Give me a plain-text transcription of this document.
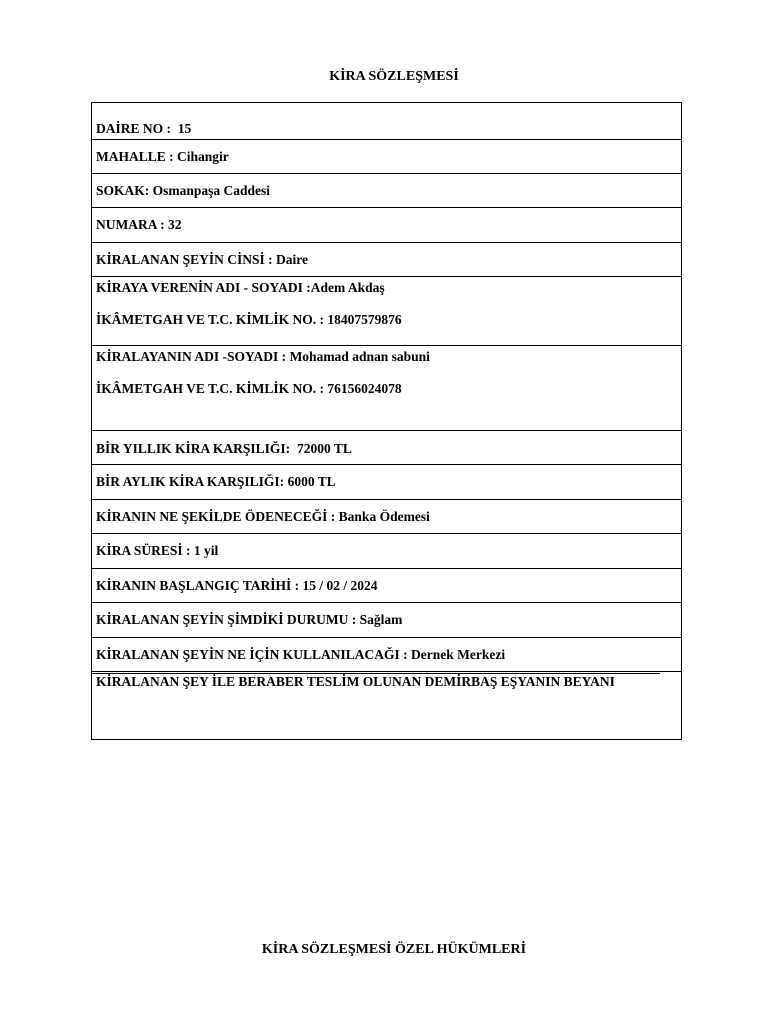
KİRA SÖZLEŞMESİ
DAİRE NO : 15
MAHALLE : Cihangir
SOKAK: Osmanpaşa Caddesi
NUMARA : 32
KİRALANAN ŞEYİN CİNSİ : Daire
KİRAYA VERENİN ADI - SOYADI :Adem Akdaş
İKÂMETGAH VE T.C. KİMLİK NO. : 18407579876
KİRALAYANIN ADI -SOYADI : Mohamad adnan sabuni
İKÂMETGAH VE T.C. KİMLİK NO. : 76156024078
BİR YILLIK KİRA KARŞILIĞI: 72000 TL
BİR AYLIK KİRA KARŞILIĞI: 6000 TL
KİRANIN NE ŞEKİLDE ÖDENECEĞİ : Banka Ödemesi
KİRA SÜRESİ : 1 yil
KİRANIN BAŞLANGIÇ TARİHİ : 15 / 02 / 2024
KİRALANAN ŞEYİN ŞİMDİKİ DURUMU : Sağlam
KİRALANAN ŞEYİN NE İÇİN KULLANILACAĞI : Dernek Merkezi
KİRALANAN ŞEY İLE BERABER TESLİM OLUNAN DEMİRBAŞ EŞYANIN BEYANI
KİRA SÖZLEŞMESİ ÖZEL HÜKÜMLERİ
